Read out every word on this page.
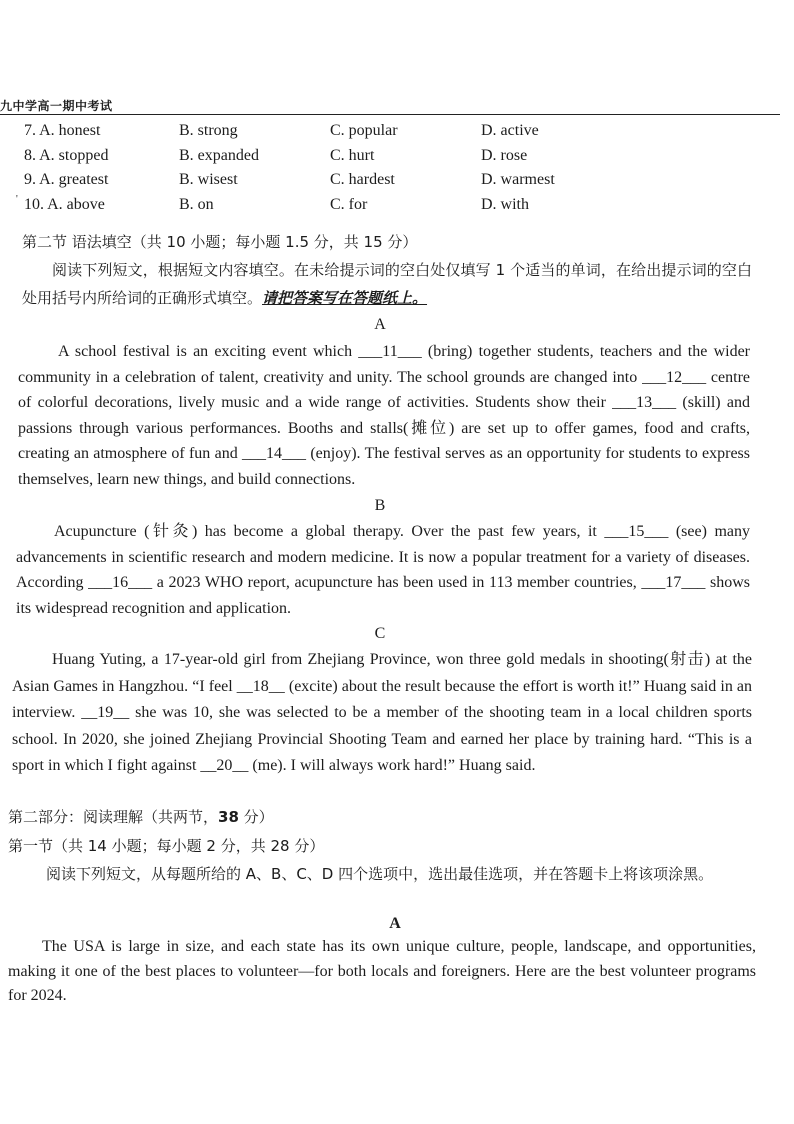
九中学高一期中考试
'
7. A. honest	B. strong	C. popular	D. active
8. A. stopped	B. expanded	C. hurt	D. rose
9. A. greatest	B. wisest	C. hardest	D. warmest
10. A. above	B. on	C. for	D. with
第二节 语法填空（共 10 小题；每小题 1.5 分，共 15 分）
阅读下列短文，根据短文内容填空。在未给提示词的空白处仅填写 1 个适当的单词，在给出提示词的空白处用括号内所给词的正确形式填空。请把答案写在答题纸上。
A
A school festival is an exciting event which ___11___ (bring) together students, teachers and the wider community in a celebration of talent, creativity and unity. The school grounds are changed into ___12___ centre of colorful decorations, lively music and a wide range of activities. Students show their ___13___ (skill) and passions through various performances. Booths and stalls(摊位) are set up to offer games, food and crafts, creating an atmosphere of fun and ___14___ (enjoy). The festival serves as an opportunity for students to express themselves, learn new things, and build connections.
B
Acupuncture (针灸) has become a global therapy. Over the past few years, it ___15___ (see) many advancements in scientific research and modern medicine. It is now a popular treatment for a variety of diseases. According ___16___ a 2023 WHO report, acupuncture has been used in 113 member countries, ___17___ shows its widespread recognition and application.
C
Huang Yuting, a 17-year-old girl from Zhejiang Province, won three gold medals in shooting(射击) at the Asian Games in Hangzhou. “I feel __18__ (excite) about the result because the effort is worth it!” Huang said in an interview. __19__ she was 10, she was selected to be a member of the shooting team in a local children sports school. In 2020, she joined Zhejiang Provincial Shooting Team and earned her place by training hard. “This is a sport in which I fight against __20__ (me). I will always work hard!” Huang said.
第二部分：阅读理解（共两节，38 分）
第一节（共 14 小题；每小题 2 分，共 28 分）
阅读下列短文，从每题所给的 A、B、C、D 四个选项中，选出最佳选项，并在答题卡上将该项涂黑。
A
The USA is large in size, and each state has its own unique culture, people, landscape, and opportunities, making it one of the best places to volunteer—for both locals and foreigners. Here are the best volunteer programs for 2024.
